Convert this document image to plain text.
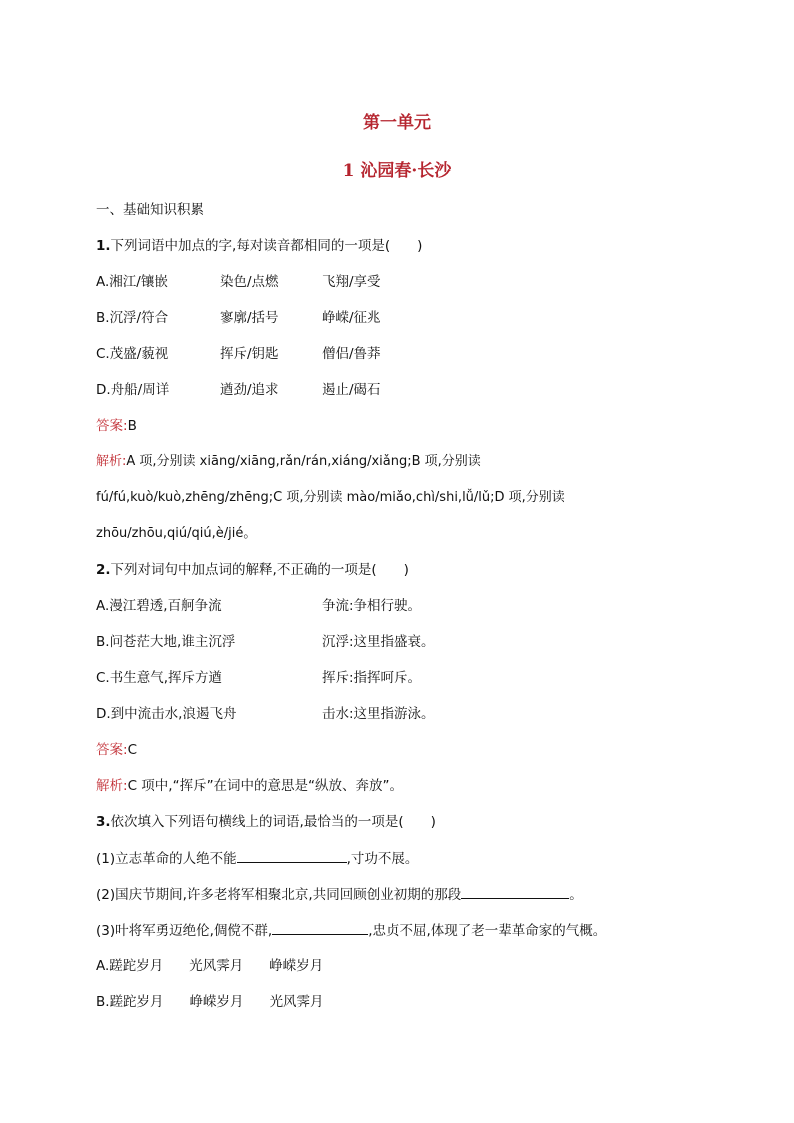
第一单元
1 沁园春·长沙
一、基础知识积累
1.下列词语中加点的字,每对读音都相同的一项是(　　)
A.湘江/镶嵌	染色/点燃	飞翔/享受
B.沉浮/符合	寥廓/括号	峥嵘/征兆
C.茂盛/藐视	挥斥/钥匙	僧侣/鲁莽
D.舟船/周详	遒劲/追求	遏止/碣石
答案:B
解析:A 项,分别读 xiāng/xiāng,rǎn/rán,xiáng/xiǎng;B 项,分别读
fú/fú,kuò/kuò,zhēng/zhēng;C 项,分别读 mào/miǎo,chì/shi,lǚ/lǔ;D 项,分别读
zhōu/zhōu,qiú/qiú,è/jié。
2.下列对词句中加点词的解释,不正确的一项是(　　)
A.漫江碧透,百舸争流	争流:争相行驶。
B.问苍茫大地,谁主沉浮	沉浮:这里指盛衰。
C.书生意气,挥斥方遒	挥斥:指挥呵斥。
D.到中流击水,浪遏飞舟	击水:这里指游泳。
答案:C
解析:C 项中,“挥斥”在词中的意思是“纵放、奔放”。
3.依次填入下列语句横线上的词语,最恰当的一项是(　　)
(1)立志革命的人绝不能	,寸功不展。
(2)国庆节期间,许多老将军相聚北京,共同回顾创业初期的那段	。
(3)叶将军勇迈绝伦,倜傥不群,	,忠贞不屈,体现了老一辈革命家的气概。
A.蹉跎岁月 光风霁月 峥嵘岁月
B.蹉跎岁月 峥嵘岁月 光风霁月
